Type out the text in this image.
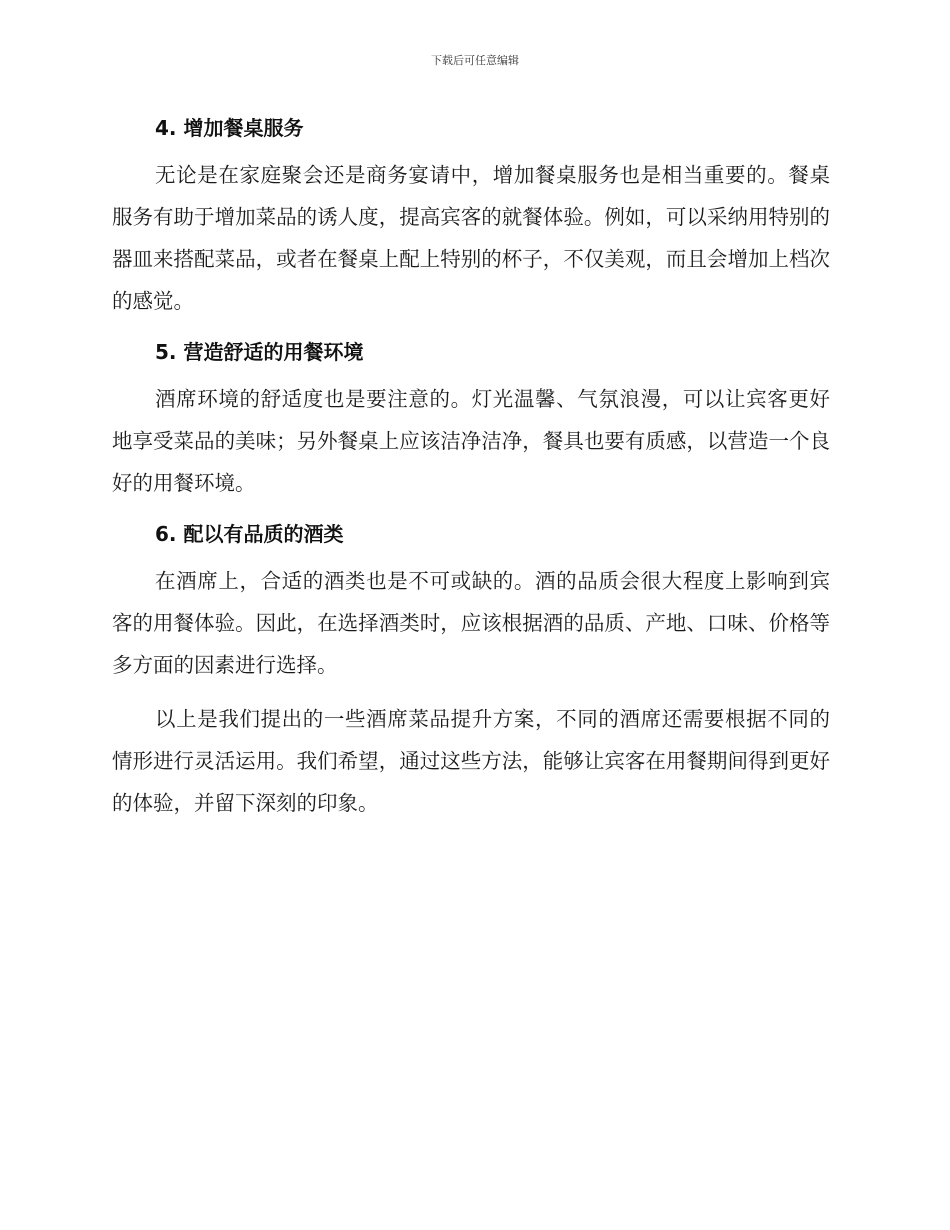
下载后可任意编辑
4. 增加餐桌服务

无论是在家庭聚会还是商务宴请中，增加餐桌服务也是相当重要的。餐桌服务有助于增加菜品的诱人度，提高宾客的就餐体验。例如，可以采纳用特别的器皿来搭配菜品，或者在餐桌上配上特别的杯子，不仅美观，而且会增加上档次的感觉。

5. 营造舒适的用餐环境

酒席环境的舒适度也是要注意的。灯光温馨、气氛浪漫，可以让宾客更好地享受菜品的美味；另外餐桌上应该洁净洁净，餐具也要有质感，以营造一个良好的用餐环境。

6. 配以有品质的酒类

在酒席上，合适的酒类也是不可或缺的。酒的品质会很大程度上影响到宾客的用餐体验。因此，在选择酒类时，应该根据酒的品质、产地、口味、价格等多方面的因素进行选择。

以上是我们提出的一些酒席菜品提升方案，不同的酒席还需要根据不同的情形进行灵活运用。我们希望，通过这些方法，能够让宾客在用餐期间得到更好的体验，并留下深刻的印象。
